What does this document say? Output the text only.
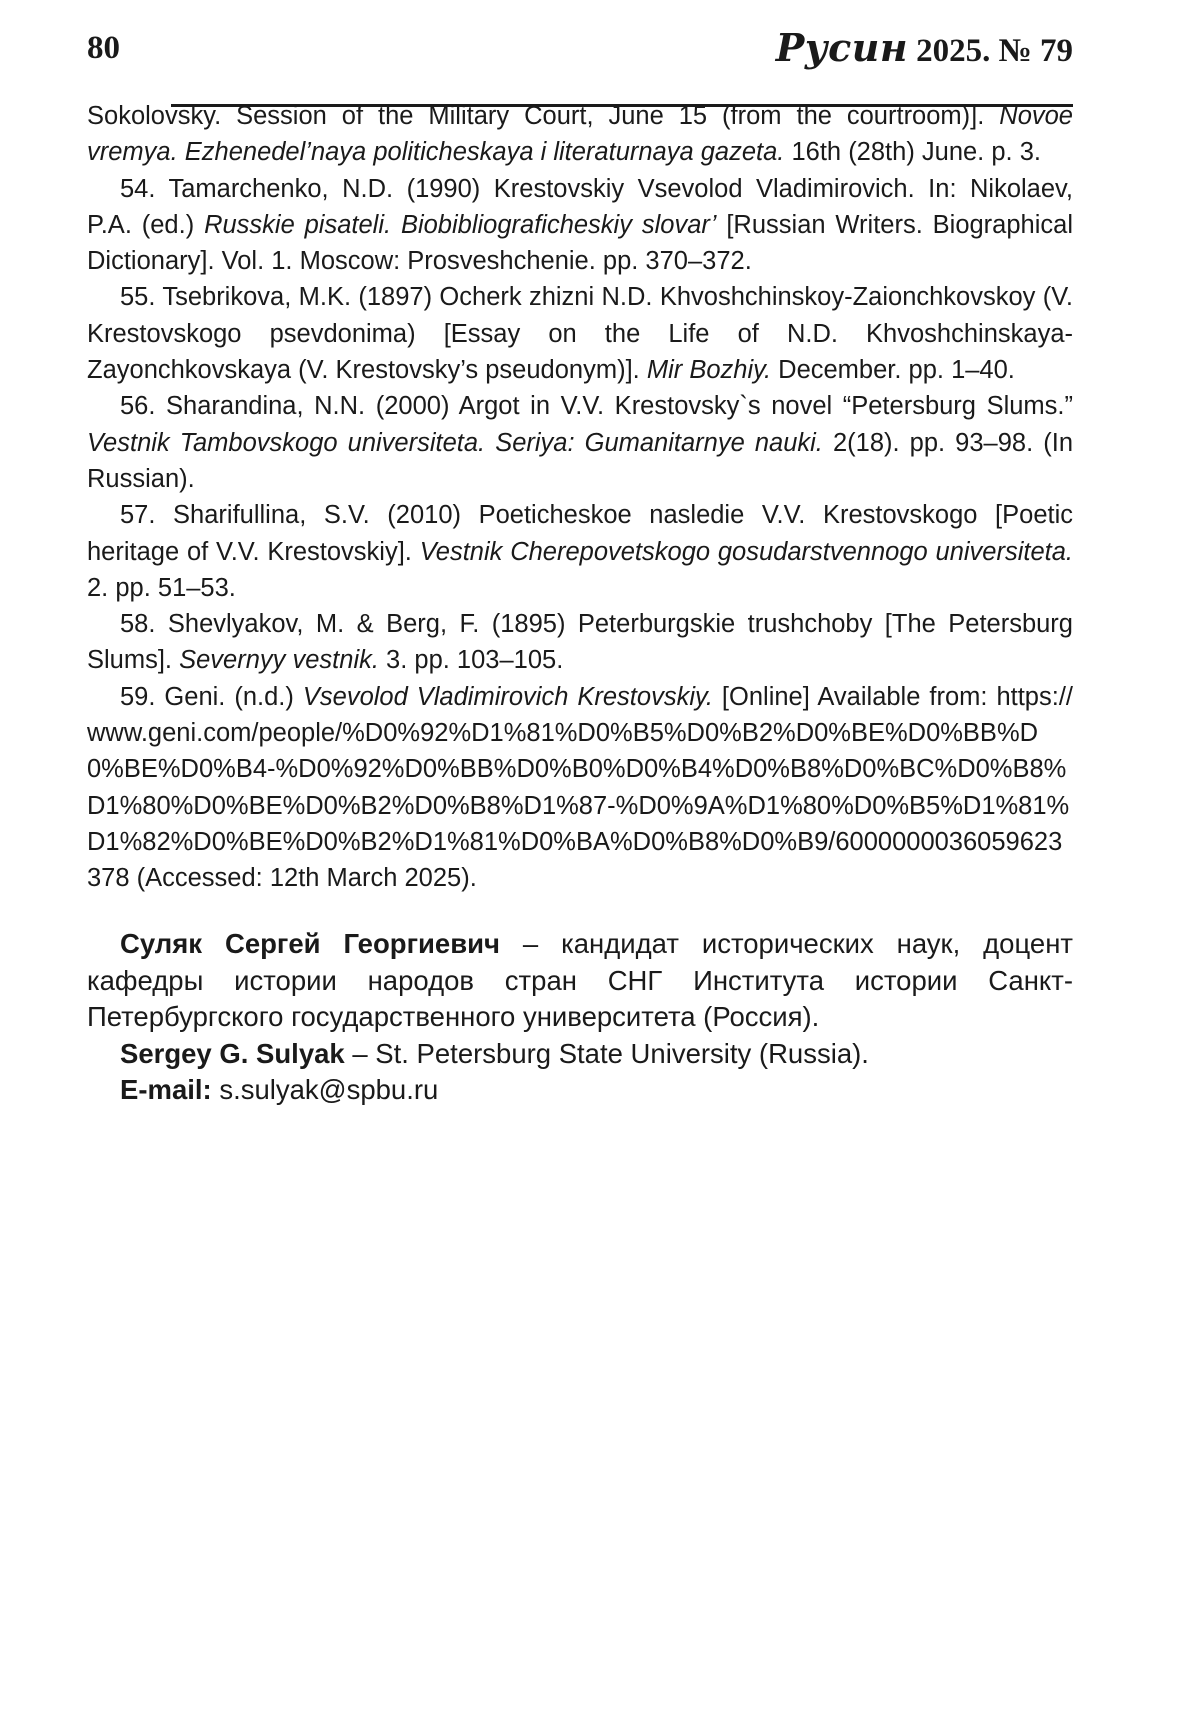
80	Русин 2025. № 79

Sokolovsky. Session of the Military Court, June 15 (from the courtroom)]. Novoe vremya. Ezhenedel’naya politicheskaya i literaturnaya gazeta. 16th (28th) June. p. 3.

54. Tamarchenko, N.D. (1990) Krestovskiy Vsevolod Vladimirovich. In: Nikolaev, P.A. (ed.) Russkie pisateli. Biobibliograficheskiy slovar’ [Russian Writers. Biographical Dictionary]. Vol. 1. Moscow: Prosveshchenie. pp. 370–372.

55. Tsebrikova, M.K. (1897) Ocherk zhizni N.D. Khvoshchinskoy-Zaionchkovskoy (V. Krestovskogo psevdonima) [Essay on the Life of N.D. Khvoshchinskaya-Zayonchkovskaya (V. Krestovsky’s pseudonym)]. Mir Bozhiy. December. pp. 1–40.

56. Sharandina, N.N. (2000) Argot in V.V. Krestovsky`s novel “Petersburg Slums.” Vestnik Tambovskogo universiteta. Seriya: Gumanitarnye nauki. 2(18). pp. 93–98. (In Russian).

57. Sharifullina, S.V. (2010) Poeticheskoe nasledie V.V. Krestovskogo [Poetic heritage of V.V. Krestovskiy]. Vestnik Cherepovetskogo gosudarstvennogo universiteta. 2. pp. 51–53.

58. Shevlyakov, M. & Berg, F. (1895) Peterburgskie trushchoby [The Petersburg Slums]. Severnyy vestnik. 3. pp. 103–105.

59. Geni. (n.d.) Vsevolod Vladimirovich Krestovskiy. [Online] Available from: https://www.geni.com/people/%D0%92%D1%81%D0%B5%D0%B2%D0%BE%D0%BB%D0%BE%D0%B4-%D0%92%D0%BB%D0%B0%D0%B4%D0%B8%D0%BC%D0%B8%D1%80%D0%BE%D0%B2%D0%B8%D1%87-%D0%9A%D1%80%D0%B5%D1%81%D1%82%D0%BE%D0%B2%D1%81%D0%BA%D0%B8%D0%B9/6000000036059623378 (Accessed: 12th March 2025).

Суляк Сергей Георгиевич – кандидат исторических наук, доцент кафедры истории народов стран СНГ Института истории Санкт-Петербургского государственного университета (Россия).

Sergey G. Sulyak – St. Petersburg State University (Russia).

E-mail: s.sulyak@spbu.ru
